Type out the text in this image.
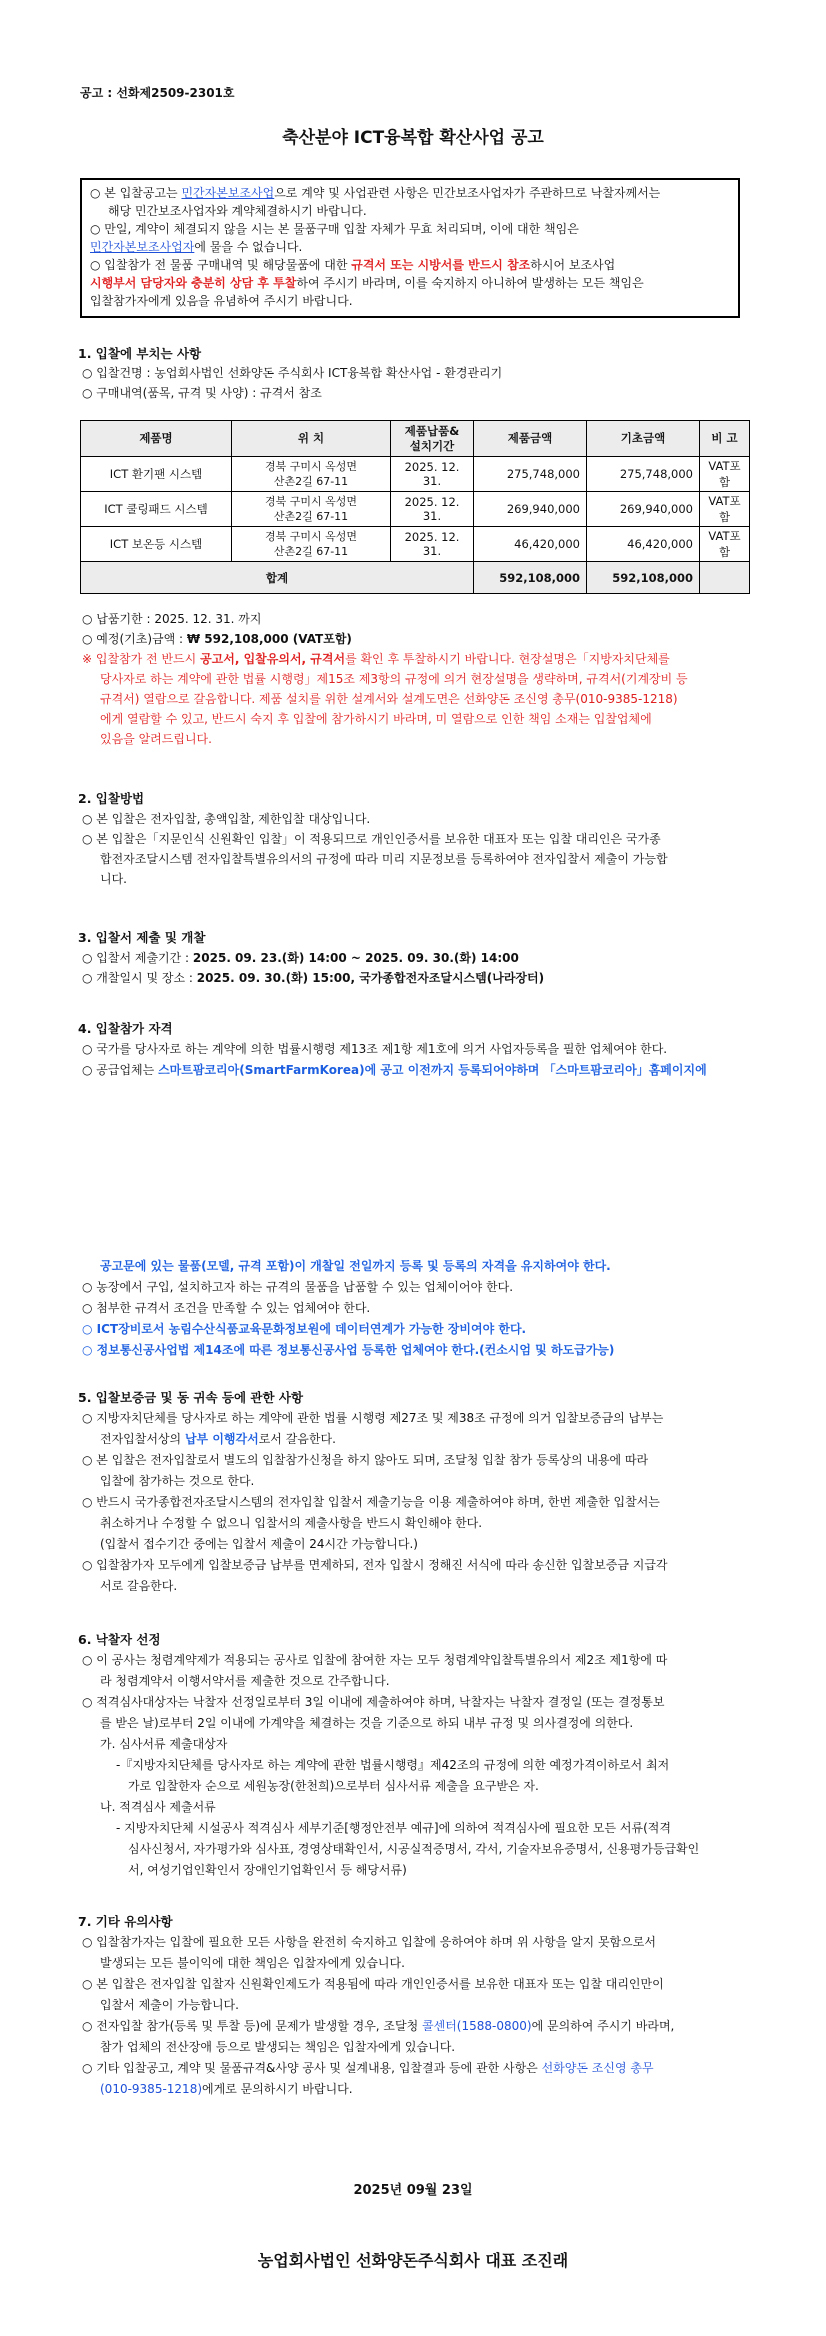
공고 : 선화제2509-2301호
축산분야 ICT융복합 확산사업 공고

○ 본 입찰공고는 민간자본보조사업으로 계약 및 사업관련 사항은 민간보조사업자가 주관하므로 낙찰자께서는

해당 민간보조사업자와 계약체결하시기 바랍니다.

○ 만일, 계약이 체결되지 않을 시는 본 물품구매 입찰 자체가 무효 처리되며, 이에 대한 책임은

민간자본보조사업자에 물을 수 없습니다.

○ 입찰참가 전 물품 구매내역 및 해당물품에 대한 규격서 또는 시방서를 반드시 참조하시어 보조사업

시행부서 담당자와 충분히 상담 후 투찰하여 주시기 바라며, 이를 숙지하지 아니하여 발생하는 모든 책임은

입찰참가자에게 있음을 유념하여 주시기 바랍니다.

1. 입찰에 부치는 사항
○ 입찰건명 : 농업회사법인 선화양돈 주식회사 ICT융복합 확산사업 - 환경관리기
○ 구매내역(품목, 규격 및 사양) : 규격서 참조
제품명	위 치	제품납품&
설치기간	제품금액	기초금액	비 고
ICT 환기팬 시스템	경북 구미시 옥성면
산촌2길 67-11	2025. 12. 31.	275,748,000	275,748,000	VAT포함
ICT 쿨링패드 시스템	경북 구미시 옥성면
산촌2길 67-11	2025. 12. 31.	269,940,000	269,940,000	VAT포함
ICT 보온등 시스템	경북 구미시 옥성면
산촌2길 67-11	2025. 12. 31.	46,420,000	46,420,000	VAT포함
합계			592,108,000	592,108,000	
○ 납품기한 : 2025. 12. 31. 까지
○ 예정(기초)금액 : ₩ 592,108,000 (VAT포함)
※ 입찰참가 전 반드시 공고서, 입찰유의서, 규격서를 확인 후 투찰하시기 바랍니다. 현장설명은「지방자치단체를
당사자로 하는 계약에 관한 법률 시행령」제15조 제3항의 규정에 의거 현장설명을 생략하며, 규격서(기계장비 등
규격서) 열람으로 갈음합니다. 제품 설치를 위한 설계서와 설계도면은 선화양돈 조신영 총무(010-9385-1218)
에게 열람할 수 있고, 반드시 숙지 후 입찰에 참가하시기 바라며, 미 열람으로 인한 책임 소재는 입찰업체에
있음을 알려드립니다.
2. 입찰방법
○ 본 입찰은 전자입찰, 총액입찰, 제한입찰 대상입니다.
○ 본 입찰은「지문인식 신원확인 입찰」이 적용되므로 개인인증서를 보유한 대표자 또는 입찰 대리인은 국가종
합전자조달시스템 전자입찰특별유의서의 규정에 따라 미리 지문정보를 등록하여야 전자입찰서 제출이 가능합
니다.
3. 입찰서 제출 및 개찰
○ 입찰서 제출기간 : 2025. 09. 23.(화) 14:00 ~ 2025. 09. 30.(화) 14:00
○ 개찰일시 및 장소 : 2025. 09. 30.(화) 15:00, 국가종합전자조달시스템(나라장터)
4. 입찰참가 자격
○ 국가를 당사자로 하는 계약에 의한 법률시행령 제13조 제1항 제1호에 의거 사업자등록을 필한 업체여야 한다.
○ 공급업체는 스마트팜코리아(SmartFarmKorea)에 공고 이전까지 등록되어야하며 「스마트팜코리아」홈페이지에
공고문에 있는 물품(모델, 규격 포함)이 개찰일 전일까지 등록 및 등록의 자격을 유지하여야 한다.
○ 농장에서 구입, 설치하고자 하는 규격의 물품을 납품할 수 있는 업체이어야 한다.
○ 첨부한 규격서 조건을 만족할 수 있는 업체여야 한다.
○ ICT장비로서 농림수산식품교육문화정보원에 데이터연계가 가능한 장비여야 한다.
○ 정보통신공사업법 제14조에 따른 정보통신공사업 등록한 업체여야 한다.(컨소시엄 및 하도급가능)
5. 입찰보증금 및 동 귀속 등에 관한 사항
○ 지방자치단체를 당사자로 하는 계약에 관한 법률 시행령 제27조 및 제38조 규정에 의거 입찰보증금의 납부는
전자입찰서상의 납부 이행각서로서 갈음한다.
○ 본 입찰은 전자입찰로서 별도의 입찰참가신청을 하지 않아도 되며, 조달청 입찰 참가 등록상의 내용에 따라
입찰에 참가하는 것으로 한다.
○ 반드시 국가종합전자조달시스템의 전자입찰 입찰서 제출기능을 이용 제출하여야 하며, 한번 제출한 입찰서는
취소하거나 수정할 수 없으니 입찰서의 제출사항을 반드시 확인해야 한다.
(입찰서 접수기간 중에는 입찰서 제출이 24시간 가능합니다.)
○ 입찰참가자 모두에게 입찰보증금 납부를 면제하되, 전자 입찰시 정해진 서식에 따라 송신한 입찰보증금 지급각
서로 갈음한다.
6. 낙찰자 선정
○ 이 공사는 청렴계약제가 적용되는 공사로 입찰에 참여한 자는 모두 청렴계약입찰특별유의서 제2조 제1항에 따
라 청렴계약서 이행서약서를 제출한 것으로 간주합니다.
○ 적격심사대상자는 낙찰자 선정일로부터 3일 이내에 제출하여야 하며, 낙찰자는 낙찰자 결정일 (또는 결정통보
를 받은 날)로부터 2일 이내에 가계약을 체결하는 것을 기준으로 하되 내부 규정 및 의사결정에 의한다.
가. 심사서류 제출대상자
-『지방자치단체를 당사자로 하는 계약에 관한 법률시행령』제42조의 규정에 의한 예정가격이하로서 최저
가로 입찰한자 순으로 세원농장(한천희)으로부터 심사서류 제출을 요구받은 자.
나. 적격심사 제출서류
- 지방자치단체 시설공사 적격심사 세부기준[행정안전부 예규]에 의하여 적격심사에 필요한 모든 서류(적격
심사신청서, 자가평가와 심사표, 경영상태확인서, 시공실적증명서, 각서, 기술자보유증명서, 신용평가등급확인
서, 여성기업인확인서 장애인기업확인서 등 해당서류)
7. 기타 유의사항
○ 입찰참가자는 입찰에 필요한 모든 사항을 완전히 숙지하고 입찰에 응하여야 하며 위 사항을 알지 못함으로서
발생되는 모든 불이익에 대한 책임은 입찰자에게 있습니다.
○ 본 입찰은 전자입찰 입찰자 신원확인제도가 적용됨에 따라 개인인증서를 보유한 대표자 또는 입찰 대리인만이
입찰서 제출이 가능합니다.
○ 전자입찰 참가(등록 및 투찰 등)에 문제가 발생할 경우, 조달청 콜센터(1588-0800)에 문의하여 주시기 바라며,
참가 업체의 전산장애 등으로 발생되는 책임은 입찰자에게 있습니다.
○ 기타 입찰공고, 계약 및 물품규격&사양 공사 및 설계내용, 입찰결과 등에 관한 사항은 선화양돈 조신영 총무
(010-9385-1218)에게로 문의하시기 바랍니다.
2025년 09월 23일
농업회사법인 선화양돈주식회사 대표 조진래
